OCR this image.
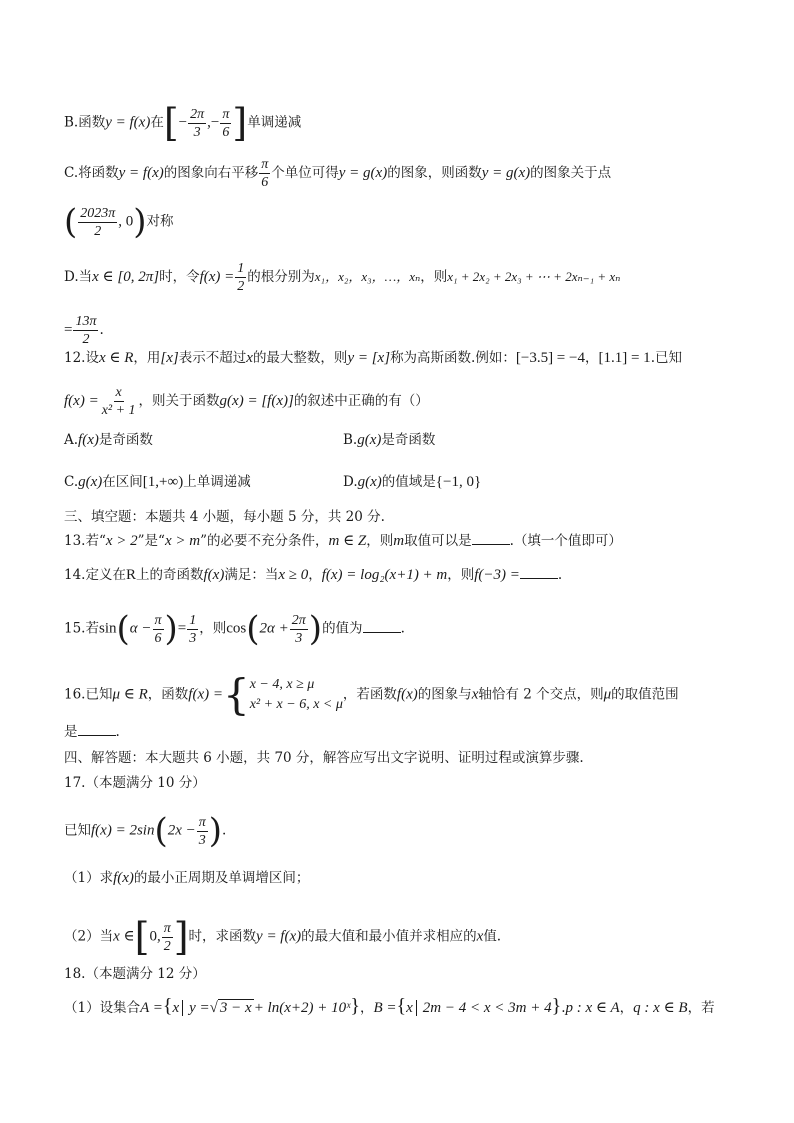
B.函数y = f(x)在[− $\frac{2\pi}{3}$ ,− $\frac{\pi}{6}$ ]单调递减
C.将函数y = f(x)的图象向右平移 $\frac{\pi}{6}$ 个单位可得y = g(x)的图象，则函数y = g(x)的图象关于点
( $\frac{2023\pi}{2}$ , 0)对称
D.当x ∈ [0, 2π]时，令$f(x) = \frac{1}{2}$ 的根分别为x₁，x₂，x₃，…，xₙ，则x₁ + 2x₂ + 2x₃ + ⋯ + 2xₙ₋₁ + xₙ
= $\frac{13\pi}{2}$ .
12.设x ∈ R，用[x]表示不超过x的最大整数，则y = [x]称为高斯函数.例如：[−3.5] = −4，[1.1] = 1.已知
$f(x) = \frac{x}{\text{x² + 1}}$ ，则关于函数g(x) = [f(x)]的叙述中正确的有（）
A.f(x)是奇函数	B.g(x)是奇函数
C.g(x)在区间[1,+∞)上单调递减	D.g(x)的值域是{−1, 0}
三、填空题：本题共 4 小题，每小题 5 分，共 20 分.
13.若“x > 2”是“x > m”的必要不充分条件，m ∈ Z，则m取值可以是	.（填一个值即可）
14.定义在R上的奇函数f(x)满足：当x ≥ 0，f(x) = log₂(x+1) + m，则f(−3) =	.
15.若$\sin(\alpha - \frac{\pi}{6}$ )= $\frac{1}{3}$ ，则$\cos(2\alpha + \frac{2\pi}{3}$ )的值为	.
16.已知μ ∈ R，函数f(x) = { x − 4, x ≥ μ
x² + x − 6, x < μ
，若函数f(x)的图象与x轴恰有 2 个交点，则μ的取值范围
是	.
四、解答题：本大题共 6 小题，共 70 分，解答应写出文字说明、证明过程或演算步骤.
17.（本题满分 10 分）
已知$f(x) = 2\sin(2x - \frac{\pi}{3}$ ).
（1）求f(x)的最小正周期及单调增区间；
（2）当x ∈[0, $\frac{\pi}{2}$ ]时，求函数y = f(x)的最大值和最小值并求相应的x值.
18.（本题满分 12 分）
（1）设集合A ={x y =√ 3 − x + ln(x+2) + 10ˣ}，B ={x 2m − 4 < x < 3m + 4}.p : x ∈ A，q : x ∈ B，若
